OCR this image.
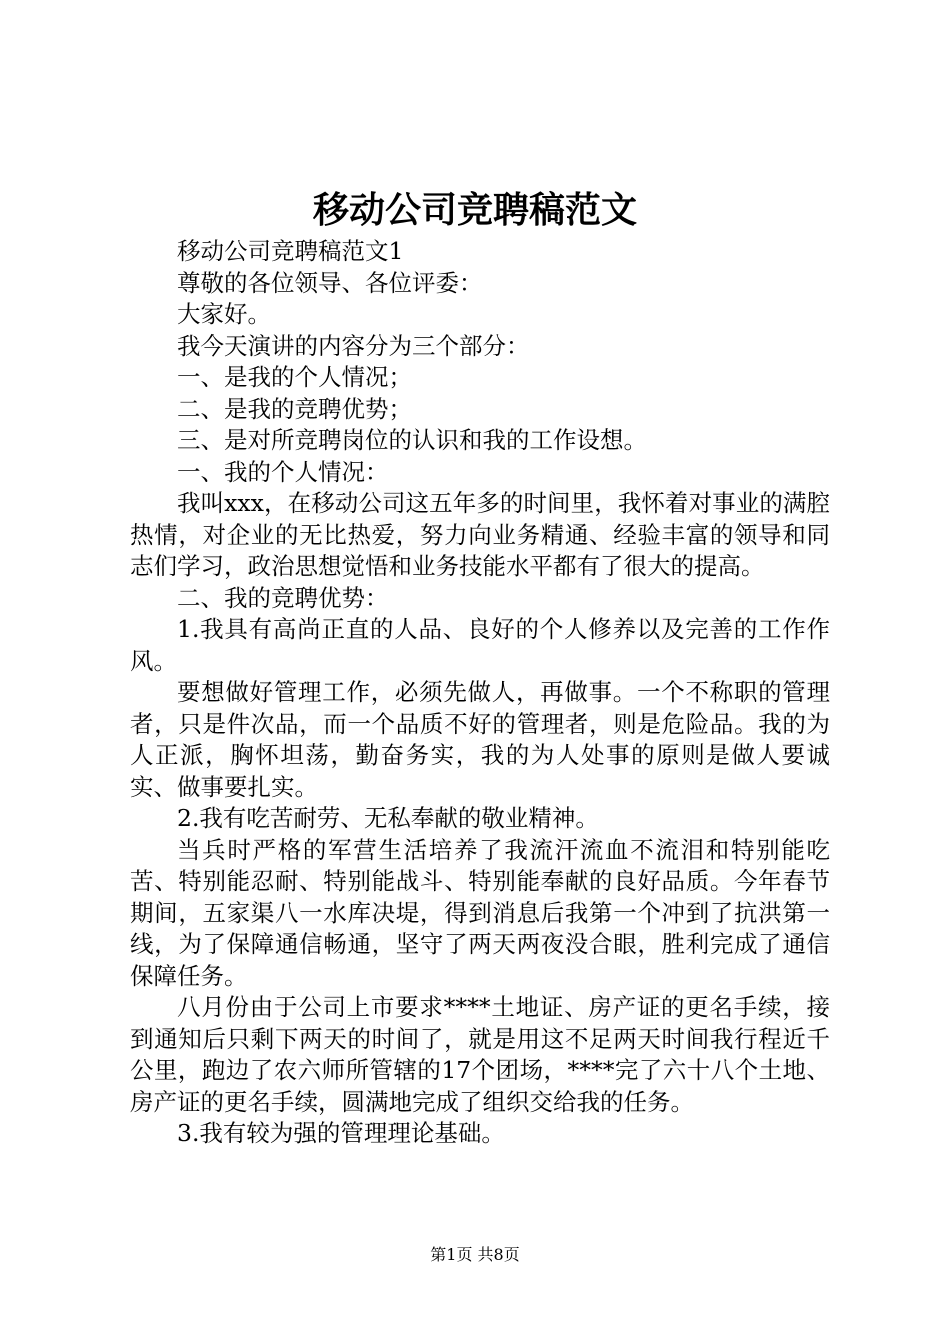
移动公司竞聘稿范文

移动公司竞聘稿范文1

尊敬的各位领导、各位评委：

大家好。

我今天演讲的内容分为三个部分：

一、是我的个人情况；

二、是我的竞聘优势；

三、是对所竞聘岗位的认识和我的工作设想。

一、我的个人情况：

我叫xxx，在移动公司这五年多的时间里，我怀着对事业的满腔热情，对企业的无比热爱，努力向业务精通、经验丰富的领导和同志们学习，政治思想觉悟和业务技能水平都有了很大的提高。

二、我的竞聘优势：

1.我具有高尚正直的人品、良好的个人修养以及完善的工作作风。

要想做好管理工作，必须先做人，再做事。一个不称职的管理者，只是件次品，而一个品质不好的管理者，则是危险品。我的为人正派，胸怀坦荡，勤奋务实，我的为人处事的原则是做人要诚实、做事要扎实。

2.我有吃苦耐劳、无私奉献的敬业精神。

当兵时严格的军营生活培养了我流汗流血不流泪和特别能吃苦、特别能忍耐、特别能战斗、特别能奉献的良好品质。今年春节期间，五家渠八一水库决堤，得到消息后我第一个冲到了抗洪第一线，为了保障通信畅通，坚守了两天两夜没合眼，胜利完成了通信保障任务。

八月份由于公司上市要求****土地证、房产证的更名手续，接到通知后只剩下两天的时间了，就是用这不足两天时间我行程近千公里，跑边了农六师所管辖的17个团场，****完了六十八个土地、房产证的更名手续，圆满地完成了组织交给我的任务。

3.我有较为强的管理理论基础。

第1页 共8页
